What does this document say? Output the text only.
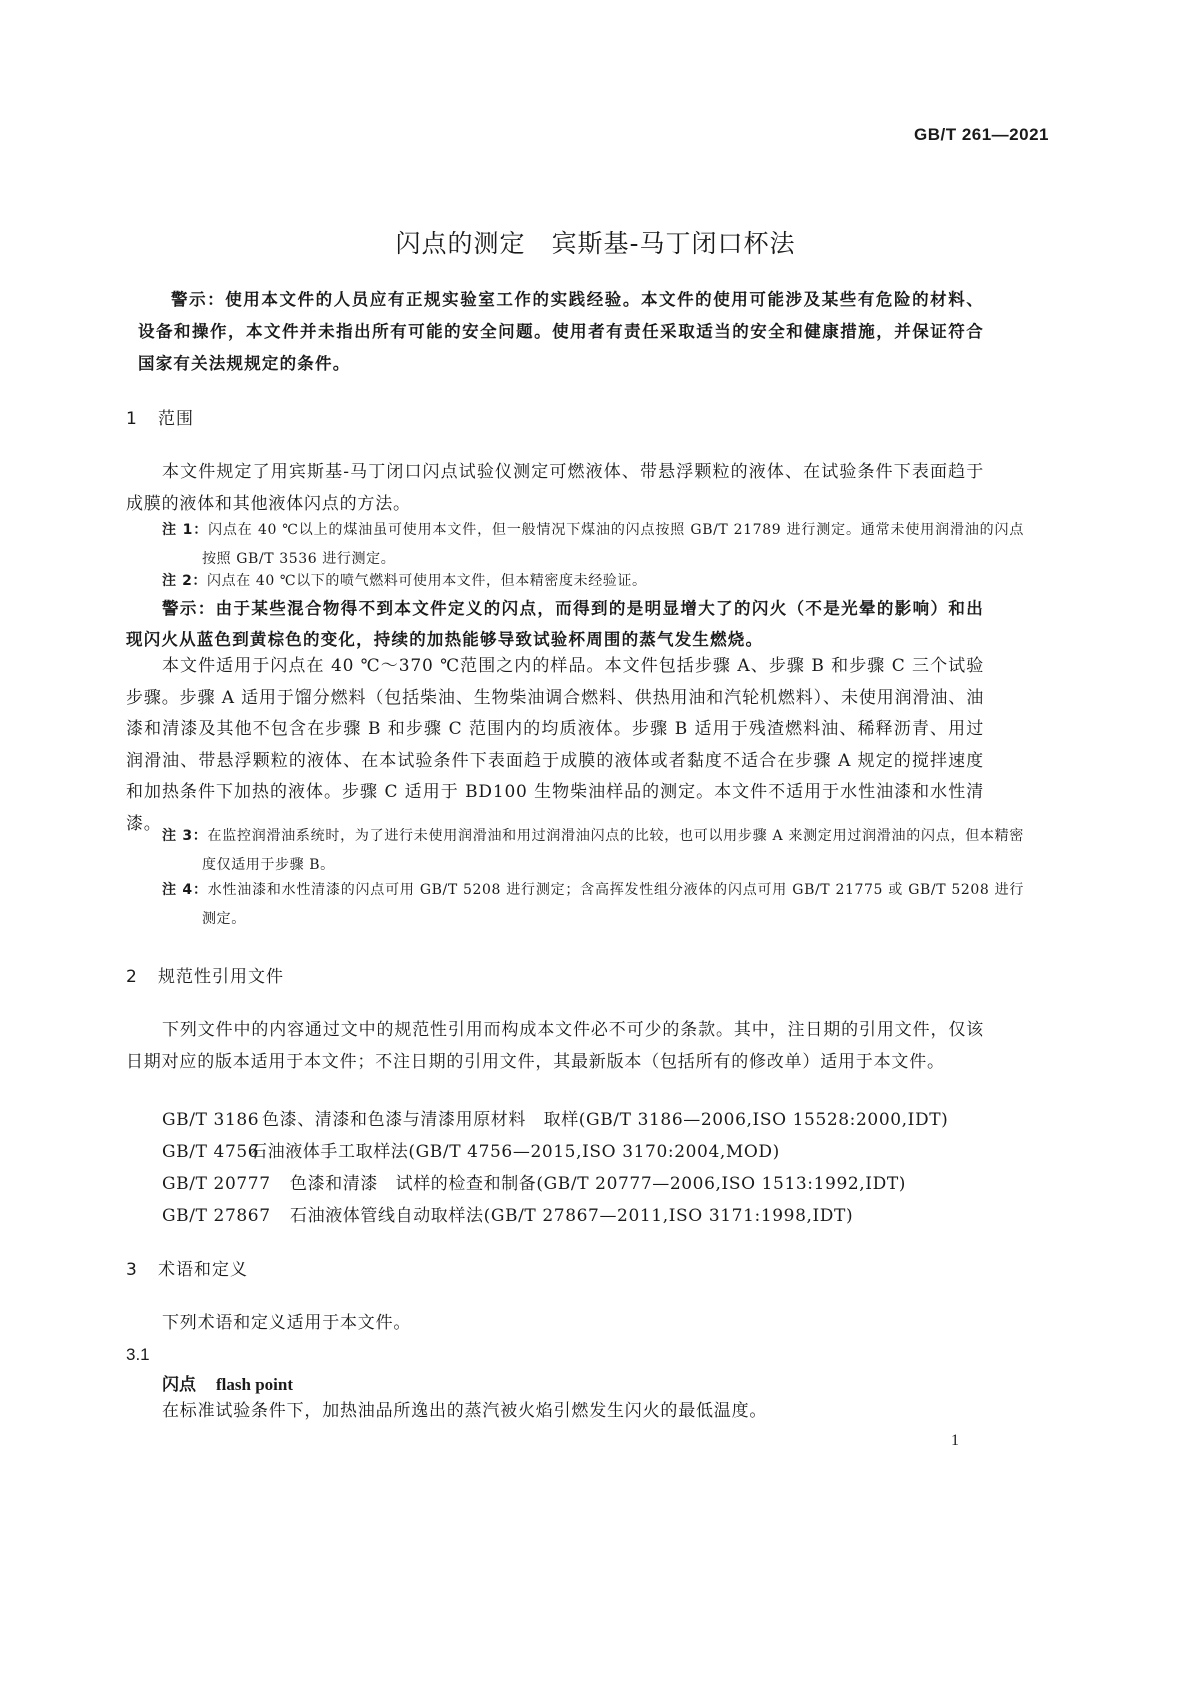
GB/T 261—2021
闪点的测定　宾斯基-马丁闭口杯法

警示：使用本文件的人员应有正规实验室工作的实践经验。本文件的使用可能涉及某些有危险的材料、设备和操作，本文件并未指出所有可能的安全问题。使用者有责任采取适当的安全和健康措施，并保证符合国家有关法规规定的条件。

1 范围

本文件规定了用宾斯基-马丁闭口闪点试验仪测定可燃液体、带悬浮颗粒的液体、在试验条件下表面趋于成膜的液体和其他液体闪点的方法。

注 1：闪点在 40 ℃以上的煤油虽可使用本文件，但一般情况下煤油的闪点按照 GB/T 21789 进行测定。通常未使用润滑油的闪点按照 GB/T 3536 进行测定。
注 2：闪点在 40 ℃以下的喷气燃料可使用本文件，但本精密度未经验证。

警示：由于某些混合物得不到本文件定义的闪点，而得到的是明显增大了的闪火（不是光晕的影响）和出现闪火从蓝色到黄棕色的变化，持续的加热能够导致试验杯周围的蒸气发生燃烧。

本文件适用于闪点在 40 ℃～370 ℃范围之内的样品。本文件包括步骤 A、步骤 B 和步骤 C 三个试验步骤。步骤 A 适用于馏分燃料（包括柴油、生物柴油调合燃料、供热用油和汽轮机燃料）、未使用润滑油、油漆和清漆及其他不包含在步骤 B 和步骤 C 范围内的均质液体。步骤 B 适用于残渣燃料油、稀释沥青、用过润滑油、带悬浮颗粒的液体、在本试验条件下表面趋于成膜的液体或者黏度不适合在步骤 A 规定的搅拌速度和加热条件下加热的液体。步骤 C 适用于 BD100 生物柴油样品的测定。本文件不适用于水性油漆和水性清漆。

注 3：在监控润滑油系统时，为了进行未使用润滑油和用过润滑油闪点的比较，也可以用步骤 A 来测定用过润滑油的闪点，但本精密度仅适用于步骤 B。
注 4：水性油漆和水性清漆的闪点可用 GB/T 5208 进行测定；含高挥发性组分液体的闪点可用 GB/T 21775 或 GB/T 5208 进行测定。
2 规范性引用文件

下列文件中的内容通过文中的规范性引用而构成本文件必不可少的条款。其中，注日期的引用文件，仅该日期对应的版本适用于本文件；不注日期的引用文件，其最新版本（包括所有的修改单）适用于本文件。

GB/T 3186 色漆、清漆和色漆与清漆用原材料　取样(GB/T 3186—2006,ISO 15528:2000,IDT)
GB/T 4756石油液体手工取样法(GB/T 4756—2015,ISO 3170:2004,MOD)
GB/T 20777 色漆和清漆　试样的检查和制备(GB/T 20777—2006,ISO 1513:1992,IDT)
GB/T 27867 石油液体管线自动取样法(GB/T 27867—2011,ISO 3171:1998,IDT)
3 术语和定义

下列术语和定义适用于本文件。

3.1
闪点 flash point

在标准试验条件下，加热油品所逸出的蒸汽被火焰引燃发生闪火的最低温度。

1
